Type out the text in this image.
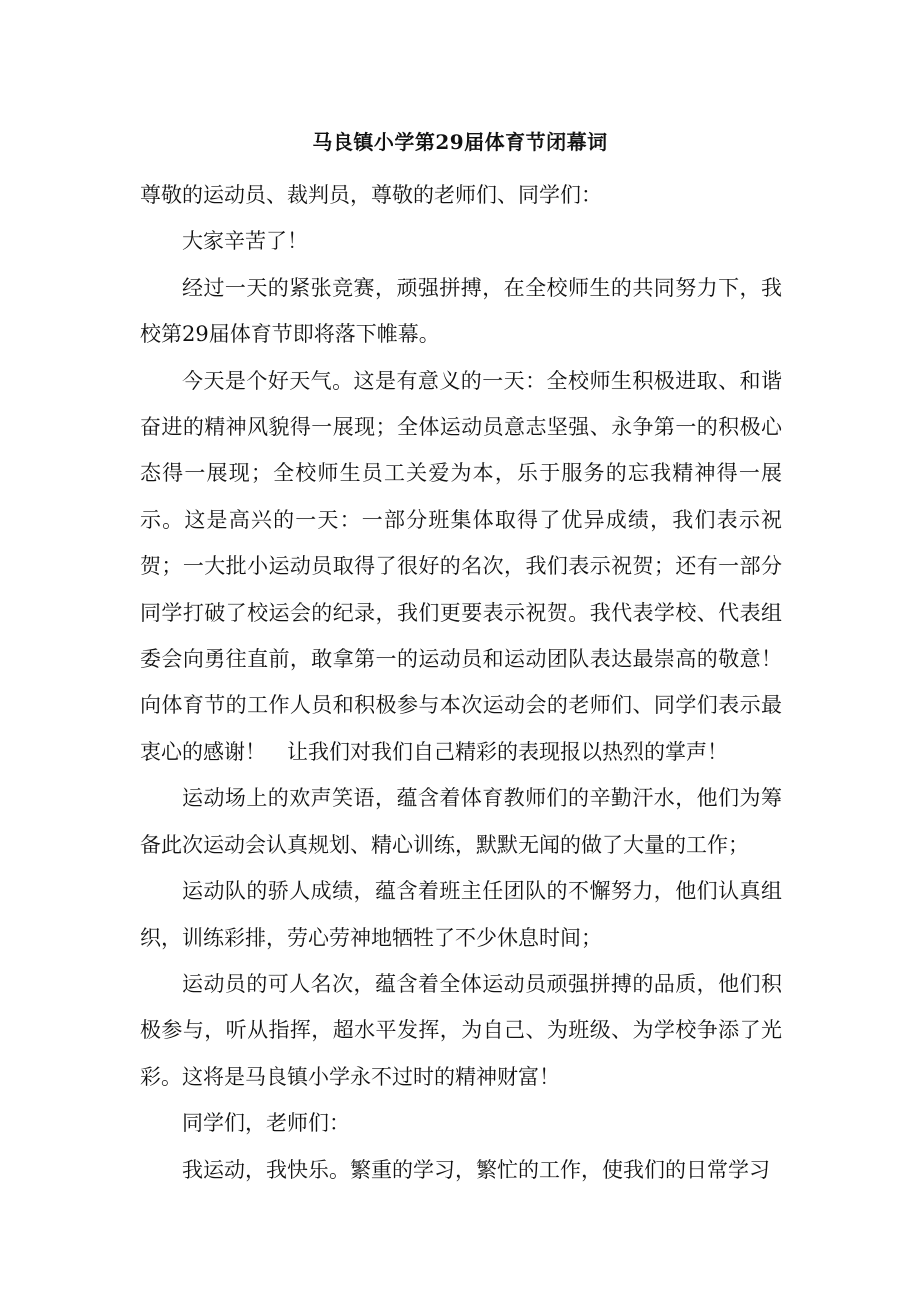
马良镇小学第29届体育节闭幕词

尊敬的运动员、裁判员，尊敬的老师们、同学们：

大家辛苦了！

经过一天的紧张竞赛，顽强拼搏，在全校师生的共同努力下，我校第29届体育节即将落下帷幕。

今天是个好天气。这是有意义的一天：全校师生积极进取、和谐奋进的精神风貌得一展现；全体运动员意志坚强、永争第一的积极心态得一展现；全校师生员工关爱为本，乐于服务的忘我精神得一展示。这是高兴的一天：一部分班集体取得了优异成绩，我们表示祝贺；一大批小运动员取得了很好的名次，我们表示祝贺；还有一部分同学打破了校运会的纪录，我们更要表示祝贺。我代表学校、代表组委会向勇往直前，敢拿第一的运动员和运动团队表达最崇高的敬意！向体育节的工作人员和积极参与本次运动会的老师们、同学们表示最衷心的感谢！　让我们对我们自己精彩的表现报以热烈的掌声！

运动场上的欢声笑语，蕴含着体育教师们的辛勤汗水，他们为筹备此次运动会认真规划、精心训练，默默无闻的做了大量的工作；

运动队的骄人成绩，蕴含着班主任团队的不懈努力，他们认真组织，训练彩排，劳心劳神地牺牲了不少休息时间；

运动员的可人名次，蕴含着全体运动员顽强拼搏的品质，他们积极参与，听从指挥，超水平发挥，为自己、为班级、为学校争添了光彩。这将是马良镇小学永不过时的精神财富！

同学们，老师们：

我运动，我快乐。繁重的学习，繁忙的工作，使我们的日常学习
